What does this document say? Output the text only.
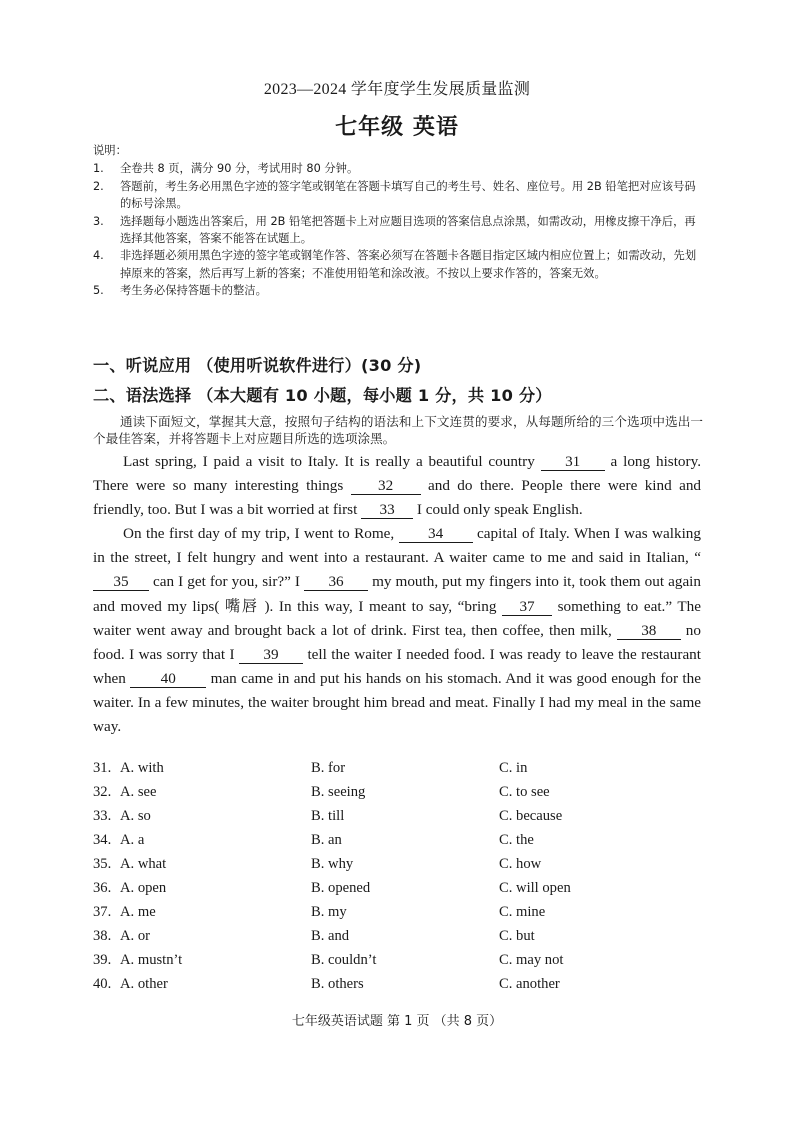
2023—2024 学年度学生发展质量监测
七年级 英语

说明：

1.	全卷共 8 页，满分 90 分，考试用时 80 分钟。
2.	答题前，考生务必用黑色字迹的签字笔或钢笔在答题卡填写自己的考生号、姓名、座位号。用 2B 铅笔把对应该号码的标号涂黑。
3.	选择题每小题选出答案后，用 2B 铅笔把答题卡上对应题目选项的答案信息点涂黑，如需改动，用橡皮擦干净后，再选择其他答案，答案不能答在试题上。
4.	非选择题必须用黑色字迹的签字笔或钢笔作答、答案必须写在答题卡各题目指定区域内相应位置上；如需改动，先划掉原来的答案，然后再写上新的答案；不准使用铅笔和涂改液。不按以上要求作答的，答案无效。
5.	考生务必保持答题卡的整洁。
一、听说应用 （使用听说软件进行）(30 分)
二、语法选择 （本大题有 10 小题，每小题 1 分，共 10 分）
通读下面短文，掌握其大意，按照句子结构的语法和上下文连贯的要求，从每题所给的三个选项中选出一个最佳答案，并将答题卡上对应题目所选的选项涂黑。

Last spring, I paid a visit to Italy. It is really a beautiful country 31 a long history. There were so many interesting things 32 and do there. People there were kind and friendly, too. But I was a bit worried at first 33 I could only speak English.

On the first day of my trip, I went to Rome, 34 capital of Italy. When I was walking in the street, I felt hungry and went into a restaurant. A waiter came to me and said in Italian, “35 can I get for you, sir?” I 36 my mouth, put my fingers into it, took them out again and moved my lips( 嘴唇 ). In this way, I meant to say, “bring 37 something to eat.” The waiter went away and brought back a lot of drink. First tea, then coffee, then milk, 38 no food. I was sorry that I 39 tell the waiter I needed food. I was ready to leave the restaurant when 40 man came in and put his hands on his stomach. And it was good enough for the waiter. In a few minutes, the waiter brought him bread and meat. Finally I had my meal in the same way.

31. A. with	B. for	C. in
32. A. see	B. seeing	C. to see
33. A. so	B. till	C. because
34. A. a	B. an	C. the
35. A. what	B. why	C. how
36. A. open	B. opened	C. will open
37. A. me	B. my	C. mine
38. A. or	B. and	C. but
39. A. mustn’t	B. couldn’t	C. may not
40. A. other	B. others	C. another
七年级英语试题 第 1 页 （共 8 页）
